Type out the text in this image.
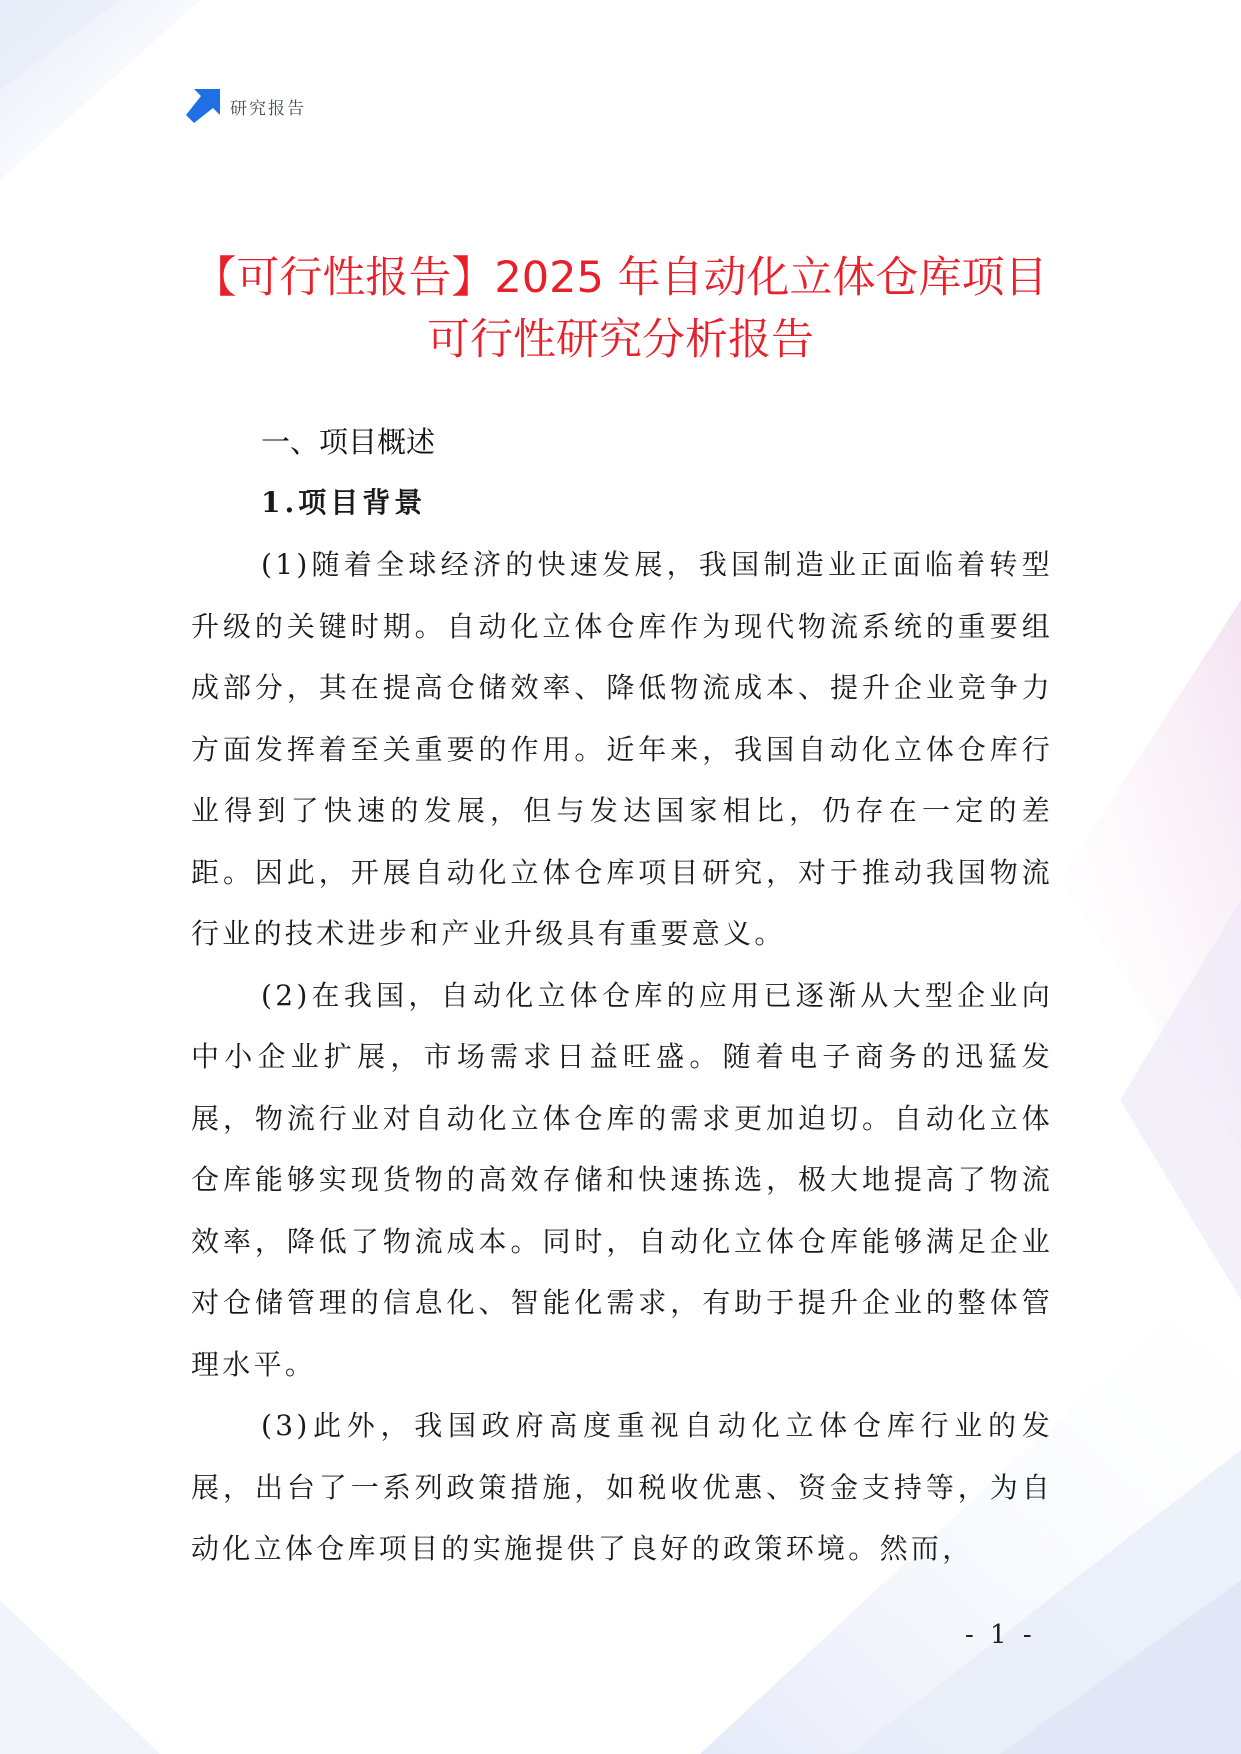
研究报告
【可行性报告】2025 年自动化立体仓库项目
可行性研究分析报告
一、项目概述
1.项目背景

(1)随着全球经济的快速发展，我国制造业正面临着转型升级的关键时期。自动化立体仓库作为现代物流系统的重要组成部分，其在提高仓储效率、降低物流成本、提升企业竞争力方面发挥着至关重要的作用。近年来，我国自动化立体仓库行业得到了快速的发展，但与发达国家相比，仍存在一定的差距。因此，开展自动化立体仓库项目研究，对于推动我国物流行业的技术进步和产业升级具有重要意义。

(2)在我国，自动化立体仓库的应用已逐渐从大型企业向中小企业扩展，市场需求日益旺盛。随着电子商务的迅猛发展，物流行业对自动化立体仓库的需求更加迫切。自动化立体仓库能够实现货物的高效存储和快速拣选，极大地提高了物流效率，降低了物流成本。同时，自动化立体仓库能够满足企业对仓储管理的信息化、智能化需求，有助于提升企业的整体管理水平。

(3)此外，我国政府高度重视自动化立体仓库行业的发展，出台了一系列政策措施，如税收优惠、资金支持等，为自动化立体仓库项目的实施提供了良好的政策环境。然而，

- 1 -
